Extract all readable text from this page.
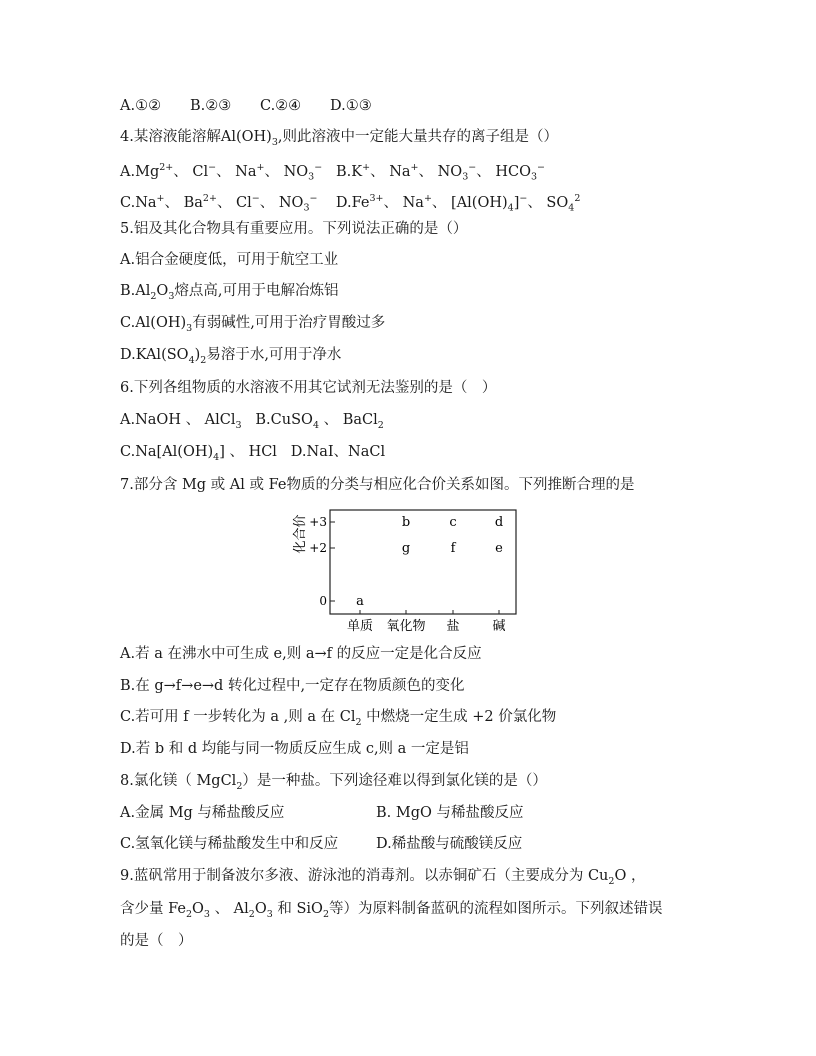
A.①② B.②③ C.②④ D.①③
4.某溶液能溶解$Al(OH)_3$,则此溶液中一定能大量共存的离子组是（）
$A.Mg^{2+}$、 Cl−、 Na+、 $NO_3^-$ B.K+、 Na+、 $NO_3^-$、 $HCO_3^-$
C.Na+、 $Ba^{2+}$、 Cl−、 $NO_3^-$ $D.Fe^{3+}$、 Na+、 $[Al(OH)_4]^-$、 $SO_4^2$
5.铝及其化合物具有重要应用。下列说法正确的是（）
A.铝合金硬度低，可用于航空工业
$B.Al_2O_3$熔点高,可用于电解冶炼铝
$C.Al(OH)_3$有弱碱性,可用于治疗胃酸过多
$D.KAl(SO_4)_2$易溶于水,可用于净水
6.下列各组物质的水溶液不用其它试剂无法鉴别的是（　）
A.NaOH 、 AlCl$_3$ B.CuSO$_4$ 、 BaCl$_2$
$C.Na[Al(OH)_4]$ 、 HCl   D.NaI、NaCl
7.部分含 Mg 或 Al 或 Fe物质的分类与相应化合价关系如图。下列推断合理的是
化合价 +3
+2
0
单质 氧化物 盐	碱
a
b	c	d
g	f	e
A.若 a 在沸水中可生成 e,则 a→f 的反应一定是化合反应
B.在 g→f→e→d 转化过程中,一定存在物质颜色的变化
C.若可用 f 一步转化为 a ,则 a 在 $Cl_2$ 中燃烧一定生成 +2 价氯化物
D.若 b 和 d 均能与同一物质反应生成 c,则 a 一定是铝
8.氯化镁（ MgCl$_2$）是一种盐。下列途径难以得到氯化镁的是（）
A.金属 Mg 与稀盐酸反应	B. MgO 与稀盐酸反应
C.氢氧化镁与稀盐酸发生中和反应	D.稀盐酸与硫酸镁反应
9.蓝矾常用于制备波尔多液、游泳池的消毒剂。以赤铜矿石（主要成分为 $Cu_2O$ ，
含少量 $Fe_2O_3$ 、 $Al_2O_3$ 和 SiO$_2$等）为原料制备蓝矾的流程如图所示。下列叙述错误
的是（　）
